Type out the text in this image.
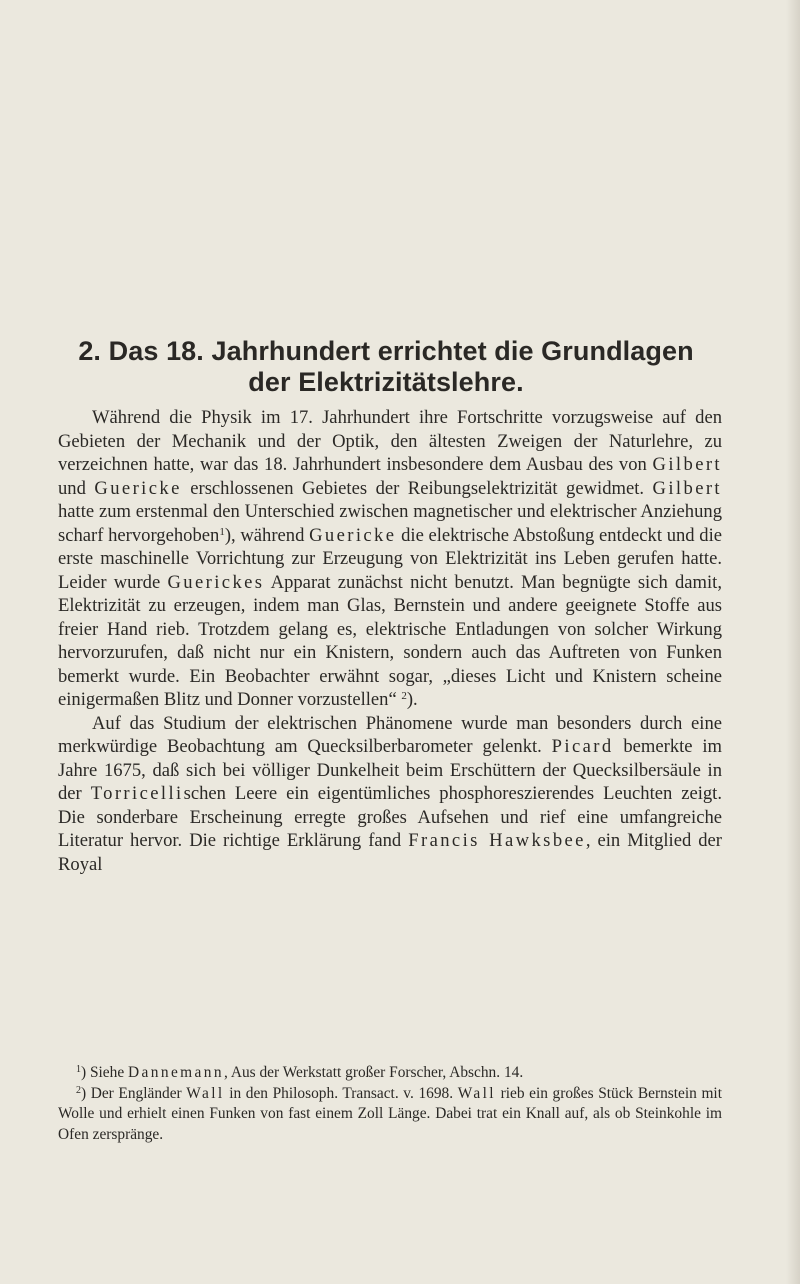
2. Das 18. Jahrhundert errichtet die Grundlagen
der Elektrizitätslehre.

Während die Physik im 17. Jahrhundert ihre Fortschritte vorzugsweise auf den Gebieten der Mechanik und der Optik, den ältesten Zweigen der Naturlehre, zu verzeichnen hatte, war das 18. Jahrhundert insbesondere dem Ausbau des von Gilbert und Guericke erschlossenen Gebietes der Reibungselektrizität gewidmet. Gilbert hatte zum erstenmal den Unterschied zwischen magnetischer und elektrischer Anziehung scharf hervorgehoben$^1$), während Guericke die elektrische Abstoßung entdeckt und die erste maschinelle Vorrichtung zur Erzeugung von Elektrizität ins Leben gerufen hatte. Leider wurde Guerickes Apparat zunächst nicht benutzt. Man begnügte sich damit, Elektrizität zu erzeugen, indem man Glas, Bernstein und andere geeignete Stoffe aus freier Hand rieb. Trotzdem gelang es, elektrische Entladungen von solcher Wirkung hervorzurufen, daß nicht nur ein Knistern, sondern auch das Auftreten von Funken bemerkt wurde. Ein Beobachter erwähnt sogar, „dieses Licht und Knistern scheine einigermaßen Blitz und Donner vorzustellen“ $^2$).

Auf das Studium der elektrischen Phänomene wurde man besonders durch eine merkwürdige Beobachtung am Quecksilberbarometer gelenkt. Picard bemerkte im Jahre 1675, daß sich bei völliger Dunkelheit beim Erschüttern der Quecksilbersäule in der Torricellischen Leere ein eigentümliches phosphoreszierendes Leuchten zeigt. Die sonderbare Erscheinung erregte großes Aufsehen und rief eine umfangreiche Literatur hervor. Die richtige Erklärung fand Francis Hawksbee, ein Mitglied der Royal

$^1$) Siehe Dannemann, Aus der Werkstatt großer Forscher, Abschn. 14.

$^2$) Der Engländer Wall in den Philosoph. Transact. v. 1698. Wall rieb ein großes Stück Bernstein mit Wolle und erhielt einen Funken von fast einem Zoll Länge. Dabei trat ein Knall auf, als ob Steinkohle im Ofen zerspränge.
